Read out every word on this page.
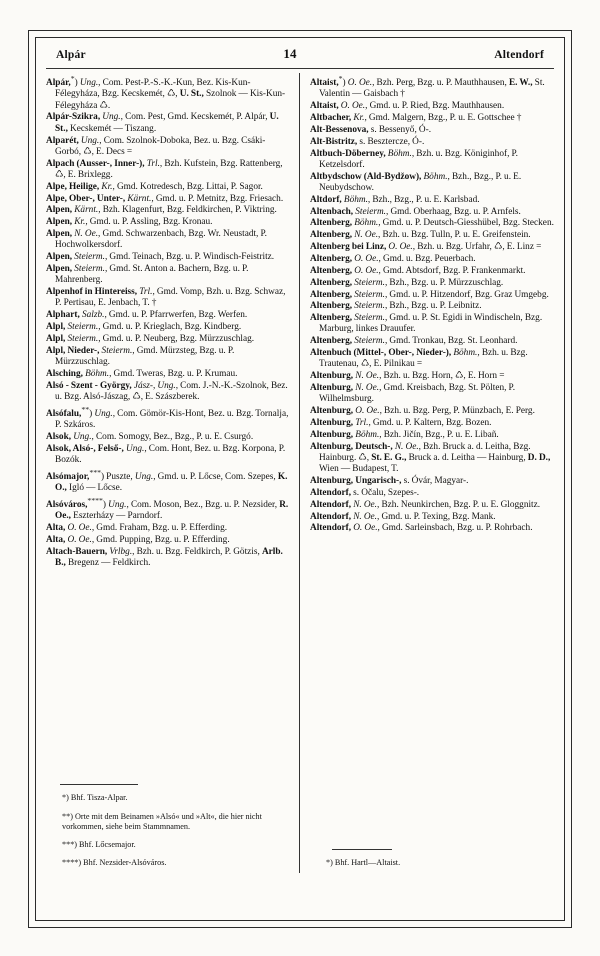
Alpár	14	Altendorf

Alpár,*) Ung., Com. Pest-P.-S.-K.-Kun, Bez. Kis-Kun-Félegyháza, Bzg. Kecskemét, ♺, U. St., Szolnok — Kis-Kun-Félegyháza ♺.

Alpár-Szikra, Ung., Com. Pest, Gmd. Kecskemét, P. Alpár, U. St., Kecskemét — Tiszang.

Alparét, Ung., Com. Szolnok-Doboka, Bez. u. Bzg. Csáki-Gorbó, ♺, E. Decs =

Alpach (Ausser-, Inner-), Trl., Bzh. Kufstein, Bzg. Rattenberg, ♺, E. Brixlegg.

Alpe, Heilige, Kr., Gmd. Kotredesch, Bzg. Littai, P. Sagor.

Alpe, Ober-, Unter-, Kärnt., Gmd. u. P. Metnitz, Bzg. Friesach.

Alpen, Kärnt., Bzh. Klagenfurt, Bzg. Feldkirchen, P. Viktring.

Alpen, Kr., Gmd. u. P. Assling, Bzg. Kronau.

Alpen, N. Oe., Gmd. Schwarzenbach, Bzg. Wr. Neustadt, P. Hochwolkersdorf.

Alpen, Steierm., Gmd. Teinach, Bzg. u. P. Windisch-Feistritz.

Alpen, Steierm., Gmd. St. Anton a. Bachern, Bzg. u. P. Mahrenberg.

Alpenhof in Hintereiss, Trl., Gmd. Vomp, Bzh. u. Bzg. Schwaz, P. Pertisau, E. Jenbach, T. †

Alphart, Salzb., Gmd. u. P. Pfarrwerfen, Bzg. Werfen.

Alpl, Steierm., Gmd. u. P. Krieglach, Bzg. Kindberg.

Alpl, Steierm., Gmd. u. P. Neuberg, Bzg. Mürzzuschlag.

Alpl, Nieder-, Steierm., Gmd. Mürzsteg, Bzg. u. P. Mürzzuschlag.

Alsching, Böhm., Gmd. Tweras, Bzg. u. P. Krumau.

Alsó - Szent - György, Jász-, Ung., Com. J.-N.-K.-Szolnok, Bez. u. Bzg. Alsó-Jászag, ♺, E. Szászberek.

Alsófalu,**) Ung., Com. Gömör-Kis-Hont, Bez. u. Bzg. Tornalja, P. Szkáros.

Alsok, Ung., Com. Somogy, Bez., Bzg., P. u. E. Csurgó.

Alsok, Alsó-, Felső-, Ung., Com. Hont, Bez. u. Bzg. Korpona, P. Bozók.

Alsómajor,***) Puszte, Ung., Gmd. u. P. Lőcse, Com. Szepes, K. O., Igló — Lőcse.

Alsóváros,****) Ung., Com. Moson, Bez., Bzg. u. P. Nezsider, R. Oe., Eszterházy — Parndorf.

Alta, O. Oe., Gmd. Fraham, Bzg. u. P. Efferding.

Alta, O. Oe., Gmd. Pupping, Bzg. u. P. Efferding.

Altach-Bauern, Vrlbg., Bzh. u. Bzg. Feldkirch, P. Götzis, Arlb. B., Bregenz — Feldkirch.

*) Bhf. Tisza-Alpar.

**) Orte mit dem Beinamen »Alsó« und »Alt«, die hier nicht vorkommen, siehe beim Stammnamen.

***) Bhf. Lőcsemajor.

****) Bhf. Nezsider-Alsóváros.

Altaist,*) O. Oe., Bzh. Perg, Bzg. u. P. Mauthhausen, E. W., St. Valentin — Gaisbach †

Altaist, O. Oe., Gmd. u. P. Ried, Bzg. Mauthhausen.

Altbacher, Kr., Gmd. Malgern, Bzg., P. u. E. Gottschee †

Alt-Bessenova, s. Bessenyő, Ó-.

Alt-Bistritz, s. Besztercze, Ó-.

Altbuch-Döberney, Böhm., Bzh. u. Bzg. Königinhof, P. Ketzelsdorf.

Altbydschow (Ald-Bydžow), Böhm., Bzh., Bzg., P. u. E. Neubydschow.

Altdorf, Böhm., Bzh., Bzg., P. u. E. Karlsbad.

Altenbach, Steierm., Gmd. Oberhaag, Bzg. u. P. Arnfels.

Altenberg, Böhm., Gmd. u. P. Deutsch-Giesshübel, Bzg. Stecken.

Altenberg, N. Oe., Bzh. u. Bzg. Tulln, P. u. E. Greifenstein.

Altenberg bei Linz, O. Oe., Bzh. u. Bzg. Urfahr, ♺, E. Linz =

Altenberg, O. Oe., Gmd. u. Bzg. Peuerbach.

Altenberg, O. Oe., Gmd. Abtsdorf, Bzg. P. Frankenmarkt.

Altenberg, Steierm., Bzh., Bzg. u. P. Mürzzuschlag.

Altenberg, Steierm., Gmd. u. P. Hitzendorf, Bzg. Graz Umgebg.

Altenberg, Steierm., Bzh., Bzg. u. P. Leibnitz.

Altenberg, Steierm., Gmd. u. P. St. Egidi in Windischeln, Bzg. Marburg, linkes Drauufer.

Altenberg, Steierm., Gmd. Tronkau, Bzg. St. Leonhard.

Altenbuch (Mittel-, Ober-, Nieder-), Böhm., Bzh. u. Bzg. Trautenau, ♺, E. Pilnikau =

Altenburg, N. Oe., Bzh. u. Bzg. Horn, ♺, E. Horn =

Altenburg, N. Oe., Gmd. Kreisbach, Bzg. St. Pölten, P. Wilhelmsburg.

Altenburg, O. Oe., Bzh. u. Bzg. Perg, P. Münzbach, E. Perg.

Altenburg, Trl., Gmd. u. P. Kaltern, Bzg. Bozen.

Altenburg, Böhm., Bzh. Jičín, Bzg., P. u. E. Libañ.

Altenburg, Deutsch-, N. Oe., Bzh. Bruck a. d. Leitha, Bzg. Hainburg. ♺, St. E. G., Bruck a. d. Leitha — Hainburg, D. D., Wien — Budapest, T.

Altenburg, Ungarisch-, s. Óvár, Magyar-.

Altendorf, s. Očalu, Szepes-.

Altendorf, N. Oe., Bzh. Neunkirchen, Bzg. P. u. E. Gloggnitz.

Altendorf, N. Oe., Gmd. u. P. Texing, Bzg. Mank.

Altendorf, O. Oe., Gmd. Sarleinsbach, Bzg. u. P. Rohrbach.

*) Bhf. Hartl—Altaist.
